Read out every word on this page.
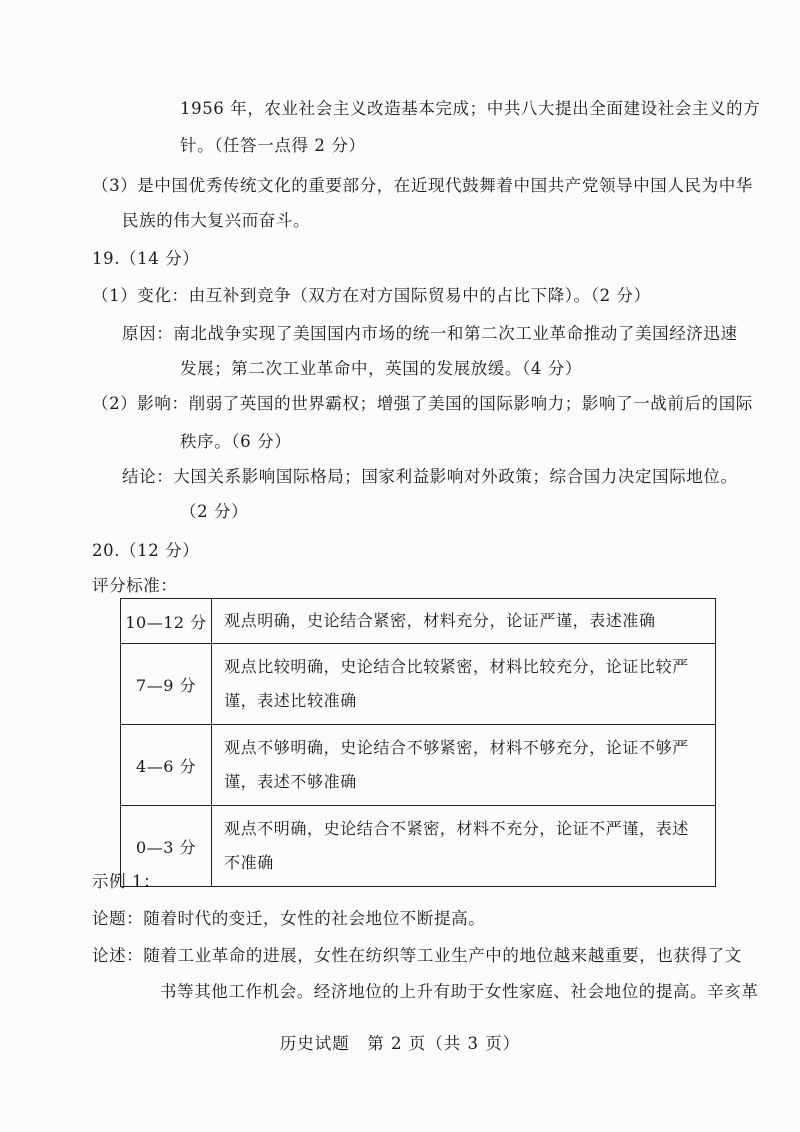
1956 年，农业社会主义改造基本完成；中共八大提出全面建设社会主义的方
针。（任答一点得 2 分）
（3）是中国优秀传统文化的重要部分，在近现代鼓舞着中国共产党领导中国人民为中华
民族的伟大复兴而奋斗。
19.（14 分）
（1）变化：由互补到竞争（双方在对方国际贸易中的占比下降）。（2 分）
原因：南北战争实现了美国国内市场的统一和第二次工业革命推动了美国经济迅速
发展；第二次工业革命中，英国的发展放缓。（4 分）
（2）影响：削弱了英国的世界霸权；增强了美国的国际影响力；影响了一战前后的国际
秩序。（6 分）
结论：大国关系影响国际格局；国家利益影响对外政策；综合国力决定国际地位。
（2 分）
20.（12 分）
评分标准：
10—12 分	观点明确，史论结合紧密，材料充分，论证严谨，表述准确
7—9 分	观点比较明确，史论结合比较紧密，材料比较充分，论证比较严谨，表述比较准确
4—6 分	观点不够明确，史论结合不够紧密，材料不够充分，论证不够严谨，表述不够准确
0—3 分	观点不明确，史论结合不紧密，材料不充分，论证不严谨，表述不准确
示例 1：
论题：随着时代的变迁，女性的社会地位不断提高。
论述：随着工业革命的进展，女性在纺织等工业生产中的地位越来越重要，也获得了文
书等其他工作机会。经济地位的上升有助于女性家庭、社会地位的提高。辛亥革
历史试题　第 2 页（共 3 页）
